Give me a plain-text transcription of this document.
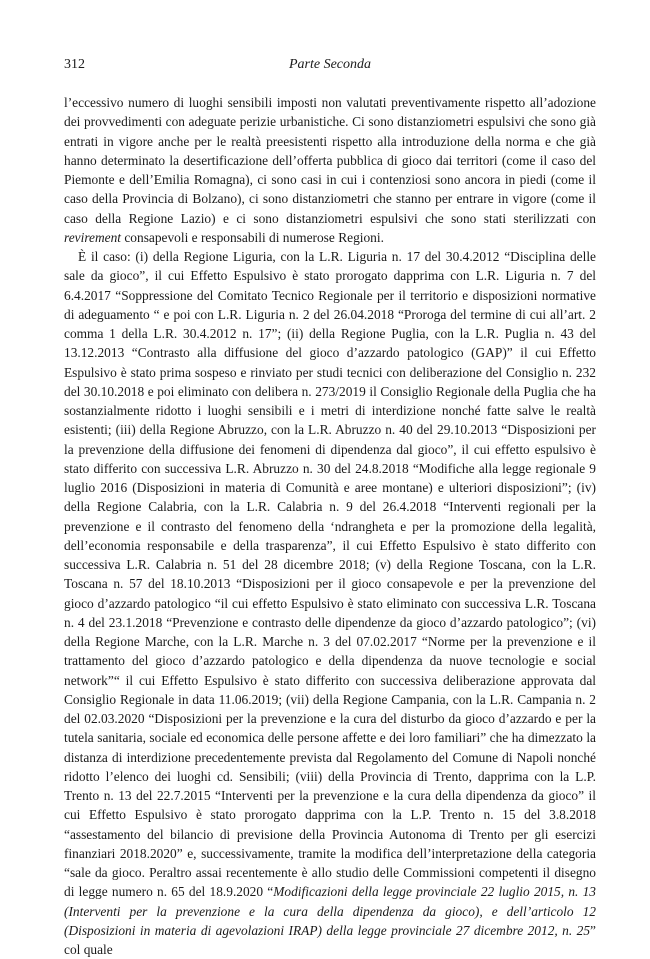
312	Parte Seconda

l’eccessivo numero di luoghi sensibili imposti non valutati preventivamente rispetto all’adozione dei provvedimenti con adeguate perizie urbanistiche. Ci sono distanziometri espulsivi che sono già entrati in vigore anche per le realtà preesistenti rispetto alla introduzione della norma e che già hanno determinato la desertificazione dell’offerta pubblica di gioco dai territori (come il caso del Piemonte e dell’Emilia Romagna), ci sono casi in cui i contenziosi sono ancora in piedi (come il caso della Provincia di Bolzano), ci sono distanziometri che stanno per entrare in vigore (come il caso della Regione Lazio) e ci sono distanziometri espulsivi che sono stati sterilizzati con revirement consapevoli e responsabili di numerose Regioni.

È il caso: (i) della Regione Liguria, con la L.R. Liguria n. 17 del 30.4.2012 “Disciplina delle sale da gioco”, il cui Effetto Espulsivo è stato prorogato dapprima con L.R. Liguria n. 7 del 6.4.2017 “Soppressione del Comitato Tecnico Regionale per il territorio e disposizioni normative di adeguamento “ e poi con L.R. Liguria n. 2 del 26.04.2018 “Proroga del termine di cui all’art. 2 comma 1 della L.R. 30.4.2012 n. 17”; (ii) della Regione Puglia, con la L.R. Puglia n. 43 del 13.12.2013 “Contrasto alla diffusione del gioco d’azzardo patologico (GAP)” il cui Effetto Espulsivo è stato prima sospeso e rinviato per studi tecnici con deliberazione del Consiglio n. 232 del 30.10.2018 e poi eliminato con delibera n. 273/2019 il Consiglio Regionale della Puglia che ha sostanzialmente ridotto i luoghi sensibili e i metri di interdizione nonché fatte salve le realtà esistenti; (iii) della Regione Abruzzo, con la L.R. Abruzzo n. 40 del 29.10.2013 “Disposizioni per la prevenzione della diffusione dei fenomeni di dipendenza dal gioco”, il cui effetto espulsivo è stato differito con successiva L.R. Abruzzo n. 30 del 24.8.2018 “Modifiche alla legge regionale 9 luglio 2016 (Disposizioni in materia di Comunità e aree montane) e ulteriori disposizioni”; (iv) della Regione Calabria, con la L.R. Calabria n. 9 del 26.4.2018 “Interventi regionali per la prevenzione e il contrasto del fenomeno della ‘ndrangheta e per la promozione della legalità, dell’economia responsabile e della trasparenza”, il cui Effetto Espulsivo è stato differito con successiva L.R. Calabria n. 51 del 28 dicembre 2018; (v) della Regione Toscana, con la L.R. Toscana n. 57 del 18.10.2013 “Disposizioni per il gioco consapevole e per la prevenzione del gioco d’azzardo patologico “il cui effetto Espulsivo è stato eliminato con successiva L.R. Toscana n. 4 del 23.1.2018 “Prevenzione e contrasto delle dipendenze da gioco d’azzardo patologico”; (vi) della Regione Marche, con la L.R. Marche n. 3 del 07.02.2017 “Norme per la prevenzione e il trattamento del gioco d’azzardo patologico e della dipendenza da nuove tecnologie e social network”“ il cui Effetto Espulsivo è stato differito con successiva deliberazione approvata dal Consiglio Regionale in data 11.06.2019; (vii) della Regione Campania, con la L.R. Campania n. 2 del 02.03.2020 “Disposizioni per la prevenzione e la cura del disturbo da gioco d’azzardo e per la tutela sanitaria, sociale ed economica delle persone affette e dei loro familiari” che ha dimezzato la distanza di interdizione precedentemente prevista dal Regolamento del Comune di Napoli nonché ridotto l’elenco dei luoghi cd. Sensibili; (viii) della Provincia di Trento, dapprima con la L.P. Trento n. 13 del 22.7.2015 “Interventi per la prevenzione e la cura della dipendenza da gioco” il cui Effetto Espulsivo è stato prorogato dapprima con la L.P. Trento n. 15 del 3.8.2018 “assestamento del bilancio di previsione della Provincia Autonoma di Trento per gli esercizi finanziari 2018.2020” e, successivamente, tramite la modifica dell’interpretazione della categoria “sale da gioco. Peraltro assai recentemente è allo studio delle Commissioni competenti il disegno di legge numero n. 65 del 18.9.2020 “Modificazioni della legge provinciale 22 luglio 2015, n. 13 (Interventi per la prevenzione e la cura della dipendenza da gioco), e dell’articolo 12 (Disposizioni in materia di agevolazioni IRAP) della legge provinciale 27 dicembre 2012, n. 25” col quale
